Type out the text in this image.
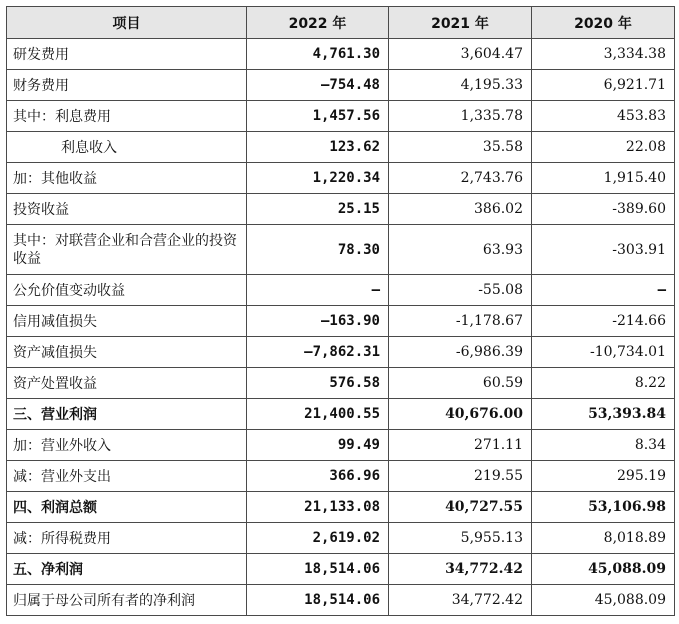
项目	2022 年	2021 年	2020 年
研发费用	4,761.30	3,604.47	3,334.38
财务费用	–754.48	4,195.33	6,921.71
其中：利息费用	1,457.56	1,335.78	453.83
利息收入	123.62	35.58	22.08
加：其他收益	1,220.34	2,743.76	1,915.40
投资收益	25.15	386.02	-389.60
其中：对联营企业和合营企业的投资收益	78.30	63.93	-303.91
公允价值变动收益	–	-55.08	–
信用减值损失	–163.90	-1,178.67	-214.66
资产减值损失	–7,862.31	-6,986.39	-10,734.01
资产处置收益	576.58	60.59	8.22
三、营业利润	21,400.55	40,676.00	53,393.84
加：营业外收入	99.49	271.11	8.34
减：营业外支出	366.96	219.55	295.19
四、利润总额	21,133.08	40,727.55	53,106.98
减：所得税费用	2,619.02	5,955.13	8,018.89
五、净利润	18,514.06	34,772.42	45,088.09
归属于母公司所有者的净利润	18,514.06	34,772.42	45,088.09
